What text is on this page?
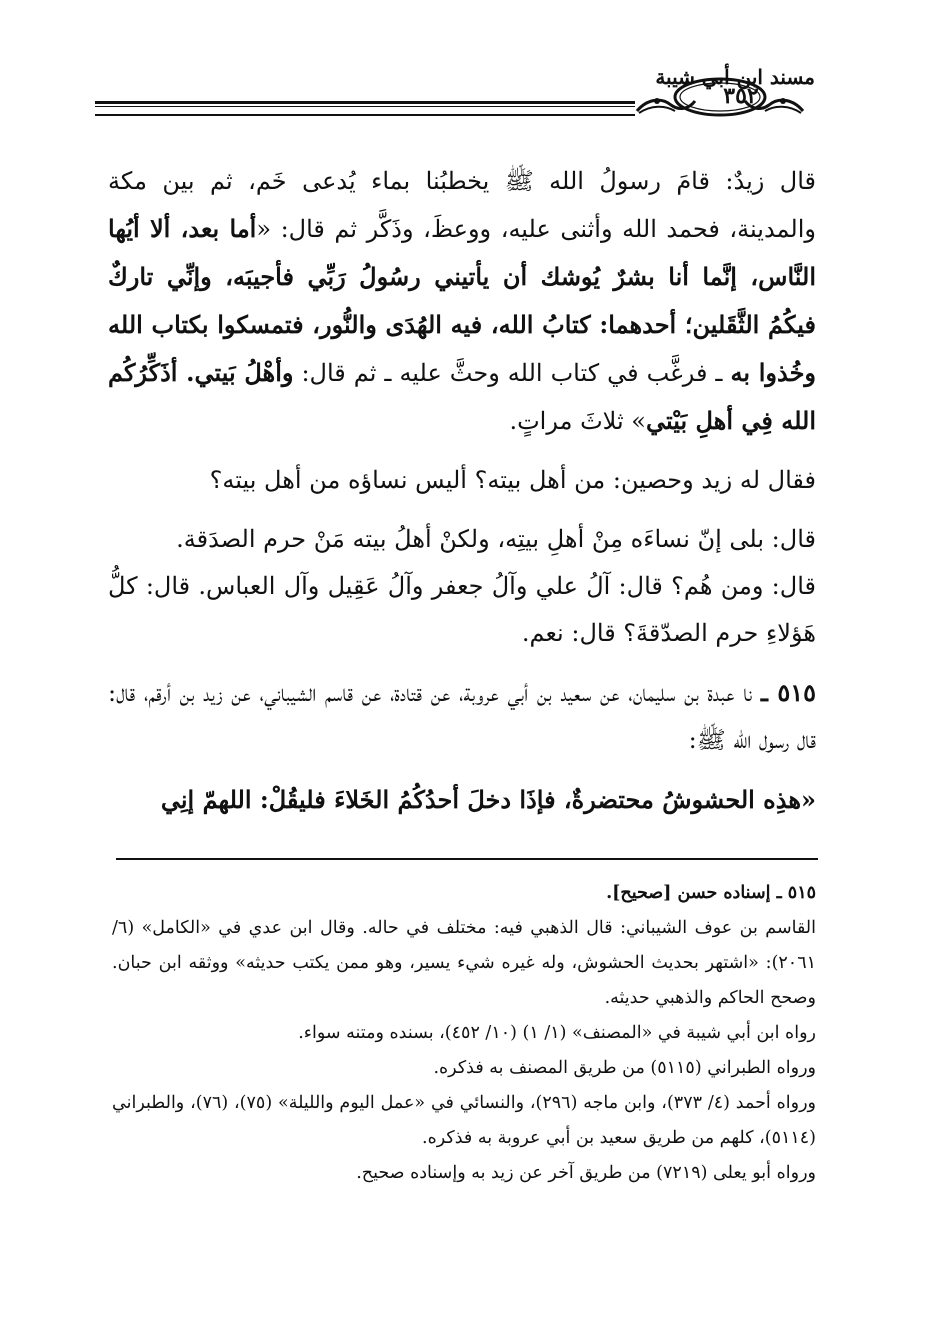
مسند ابن أبي شيبة
٣٥٢

قال زيدٌ: قامَ رسولُ الله ﷺ يخطبُنا بماء يُدعى خَم، ثم بين مكة والمدينة، فحمد الله وأثنى عليه، ووعظَ، وذَكَّر ثم قال: «أما بعد، ألا أيُها النَّاس، إنَّما أنا بشرٌ يُوشك أن يأتيني رسُولُ رَبِّي فأجيبَه، وإنِّي تاركٌ فيكُمُ الثَّقَلين؛ أحدهما: كتابُ الله، فيه الهُدَى والنُّور، فتمسكوا بكتاب الله وخُذوا به ـ فرغَّب في كتاب الله وحثَّ عليه ـ ثم قال: وأهْلُ بَيتي. أذَكِّرُكُم الله فِي أهلِ بَيْتي» ثلاثَ مراتٍ.

فقال له زيد وحصين: من أهل بيته؟ أليس نساؤه من أهل بيته؟

قال: بلى إنّ نساءَه مِنْ أهلِ بيتِه، ولكنْ أهلُ بيته مَنْ حرم الصدَقة.

قال: ومن هُم؟ قال: آلُ علي وآلُ جعفر وآلُ عَقِيل وآل العباس. قال: كلُّ هَؤلاءِ حرم الصدّقةَ؟ قال: نعم.

٥١٥ ـ نا عبدة بن سليمان، عن سعيد بن أبي عروبة، عن قتادة، عن قاسم الشيباني، عن زيد بن أرقم، قال: قال رسول الله ﷺ:

«هذِه الحشوشُ محتضرةٌ، فإذَا دخلَ أحدُكُمُ الخَلاءَ فليقُلْ: اللهمّ إنِي

٥١٥ ـ إسناده حسن [صحيح].

القاسم بن عوف الشيباني: قال الذهبي فيه: مختلف في حاله. وقال ابن عدي في «الكامل» (٦/ ٢٠٦١): «اشتهر بحديث الحشوش، وله غيره شيء يسير، وهو ممن يكتب حديثه» ووثقه ابن حبان. وصحح الحاكم والذهبي حديثه.

رواه ابن أبي شيبة في «المصنف» (١/ ١) (١٠/ ٤٥٢)، بسنده ومتنه سواء.

ورواه الطبراني (٥١١٥) من طريق المصنف به فذكره.

ورواه أحمد (٤/ ٣٧٣)، وابن ماجه (٢٩٦)، والنسائي في «عمل اليوم والليلة» (٧٥)، (٧٦)، والطبراني (٥١١٤)، كلهم من طريق سعيد بن أبي عروبة به فذكره.

ورواه أبو يعلى (٧٢١٩) من طريق آخر عن زيد به وإسناده صحيح.
